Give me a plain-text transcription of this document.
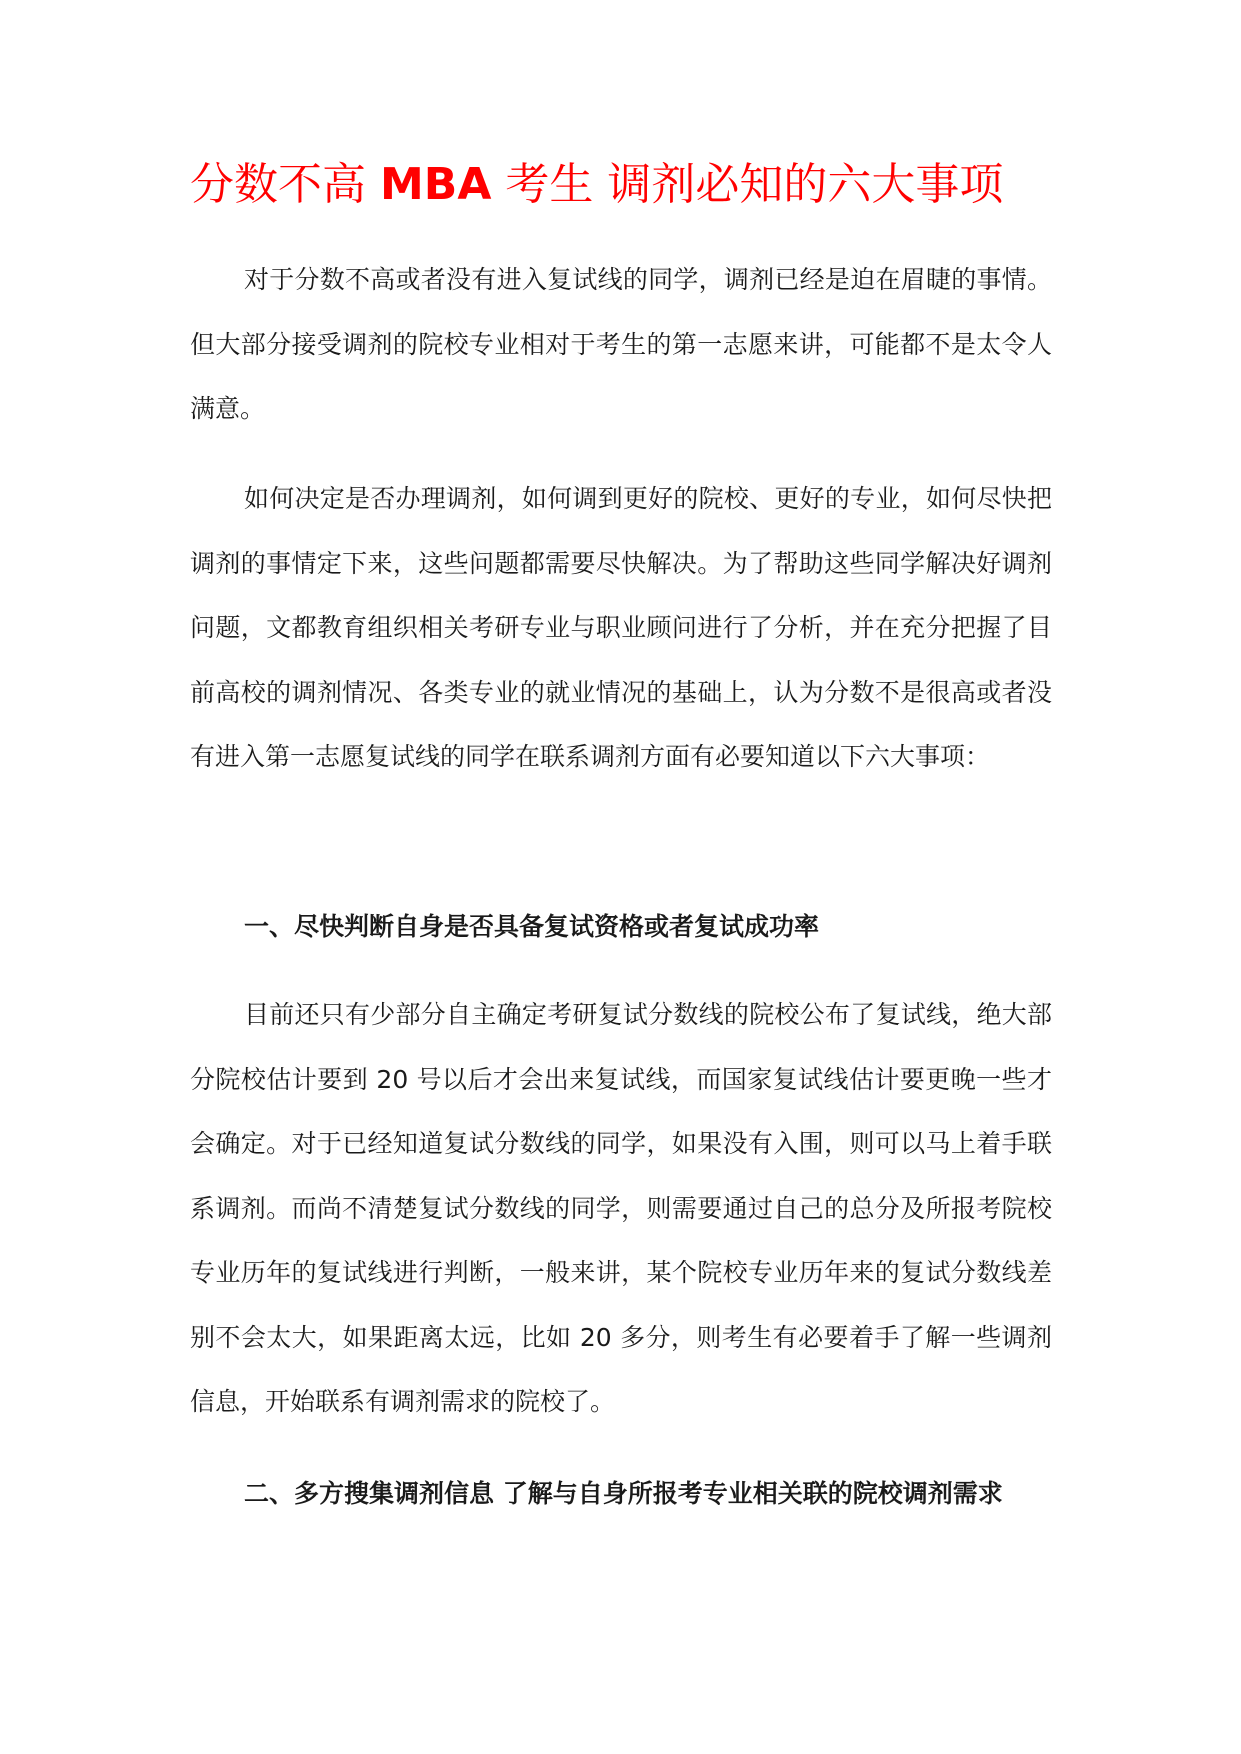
分数不高 MBA 考生 调剂必知的六大事项

对于分数不高或者没有进入复试线的同学，调剂已经是迫在眉睫的事情。但大部分接受调剂的院校专业相对于考生的第一志愿来讲，可能都不是太令人满意。

如何决定是否办理调剂，如何调到更好的院校、更好的专业，如何尽快把调剂的事情定下来，这些问题都需要尽快解决。为了帮助这些同学解决好调剂问题，文都教育组织相关考研专业与职业顾问进行了分析，并在充分把握了目前高校的调剂情况、各类专业的就业情况的基础上，认为分数不是很高或者没有进入第一志愿复试线的同学在联系调剂方面有必要知道以下六大事项：

一、尽快判断自身是否具备复试资格或者复试成功率

目前还只有少部分自主确定考研复试分数线的院校公布了复试线，绝大部分院校估计要到 20 号以后才会出来复试线，而国家复试线估计要更晚一些才会确定。对于已经知道复试分数线的同学，如果没有入围，则可以马上着手联系调剂。而尚不清楚复试分数线的同学，则需要通过自己的总分及所报考院校专业历年的复试线进行判断，一般来讲，某个院校专业历年来的复试分数线差别不会太大，如果距离太远，比如 20 多分，则考生有必要着手了解一些调剂信息，开始联系有调剂需求的院校了。

二、多方搜集调剂信息 了解与自身所报考专业相关联的院校调剂需求
